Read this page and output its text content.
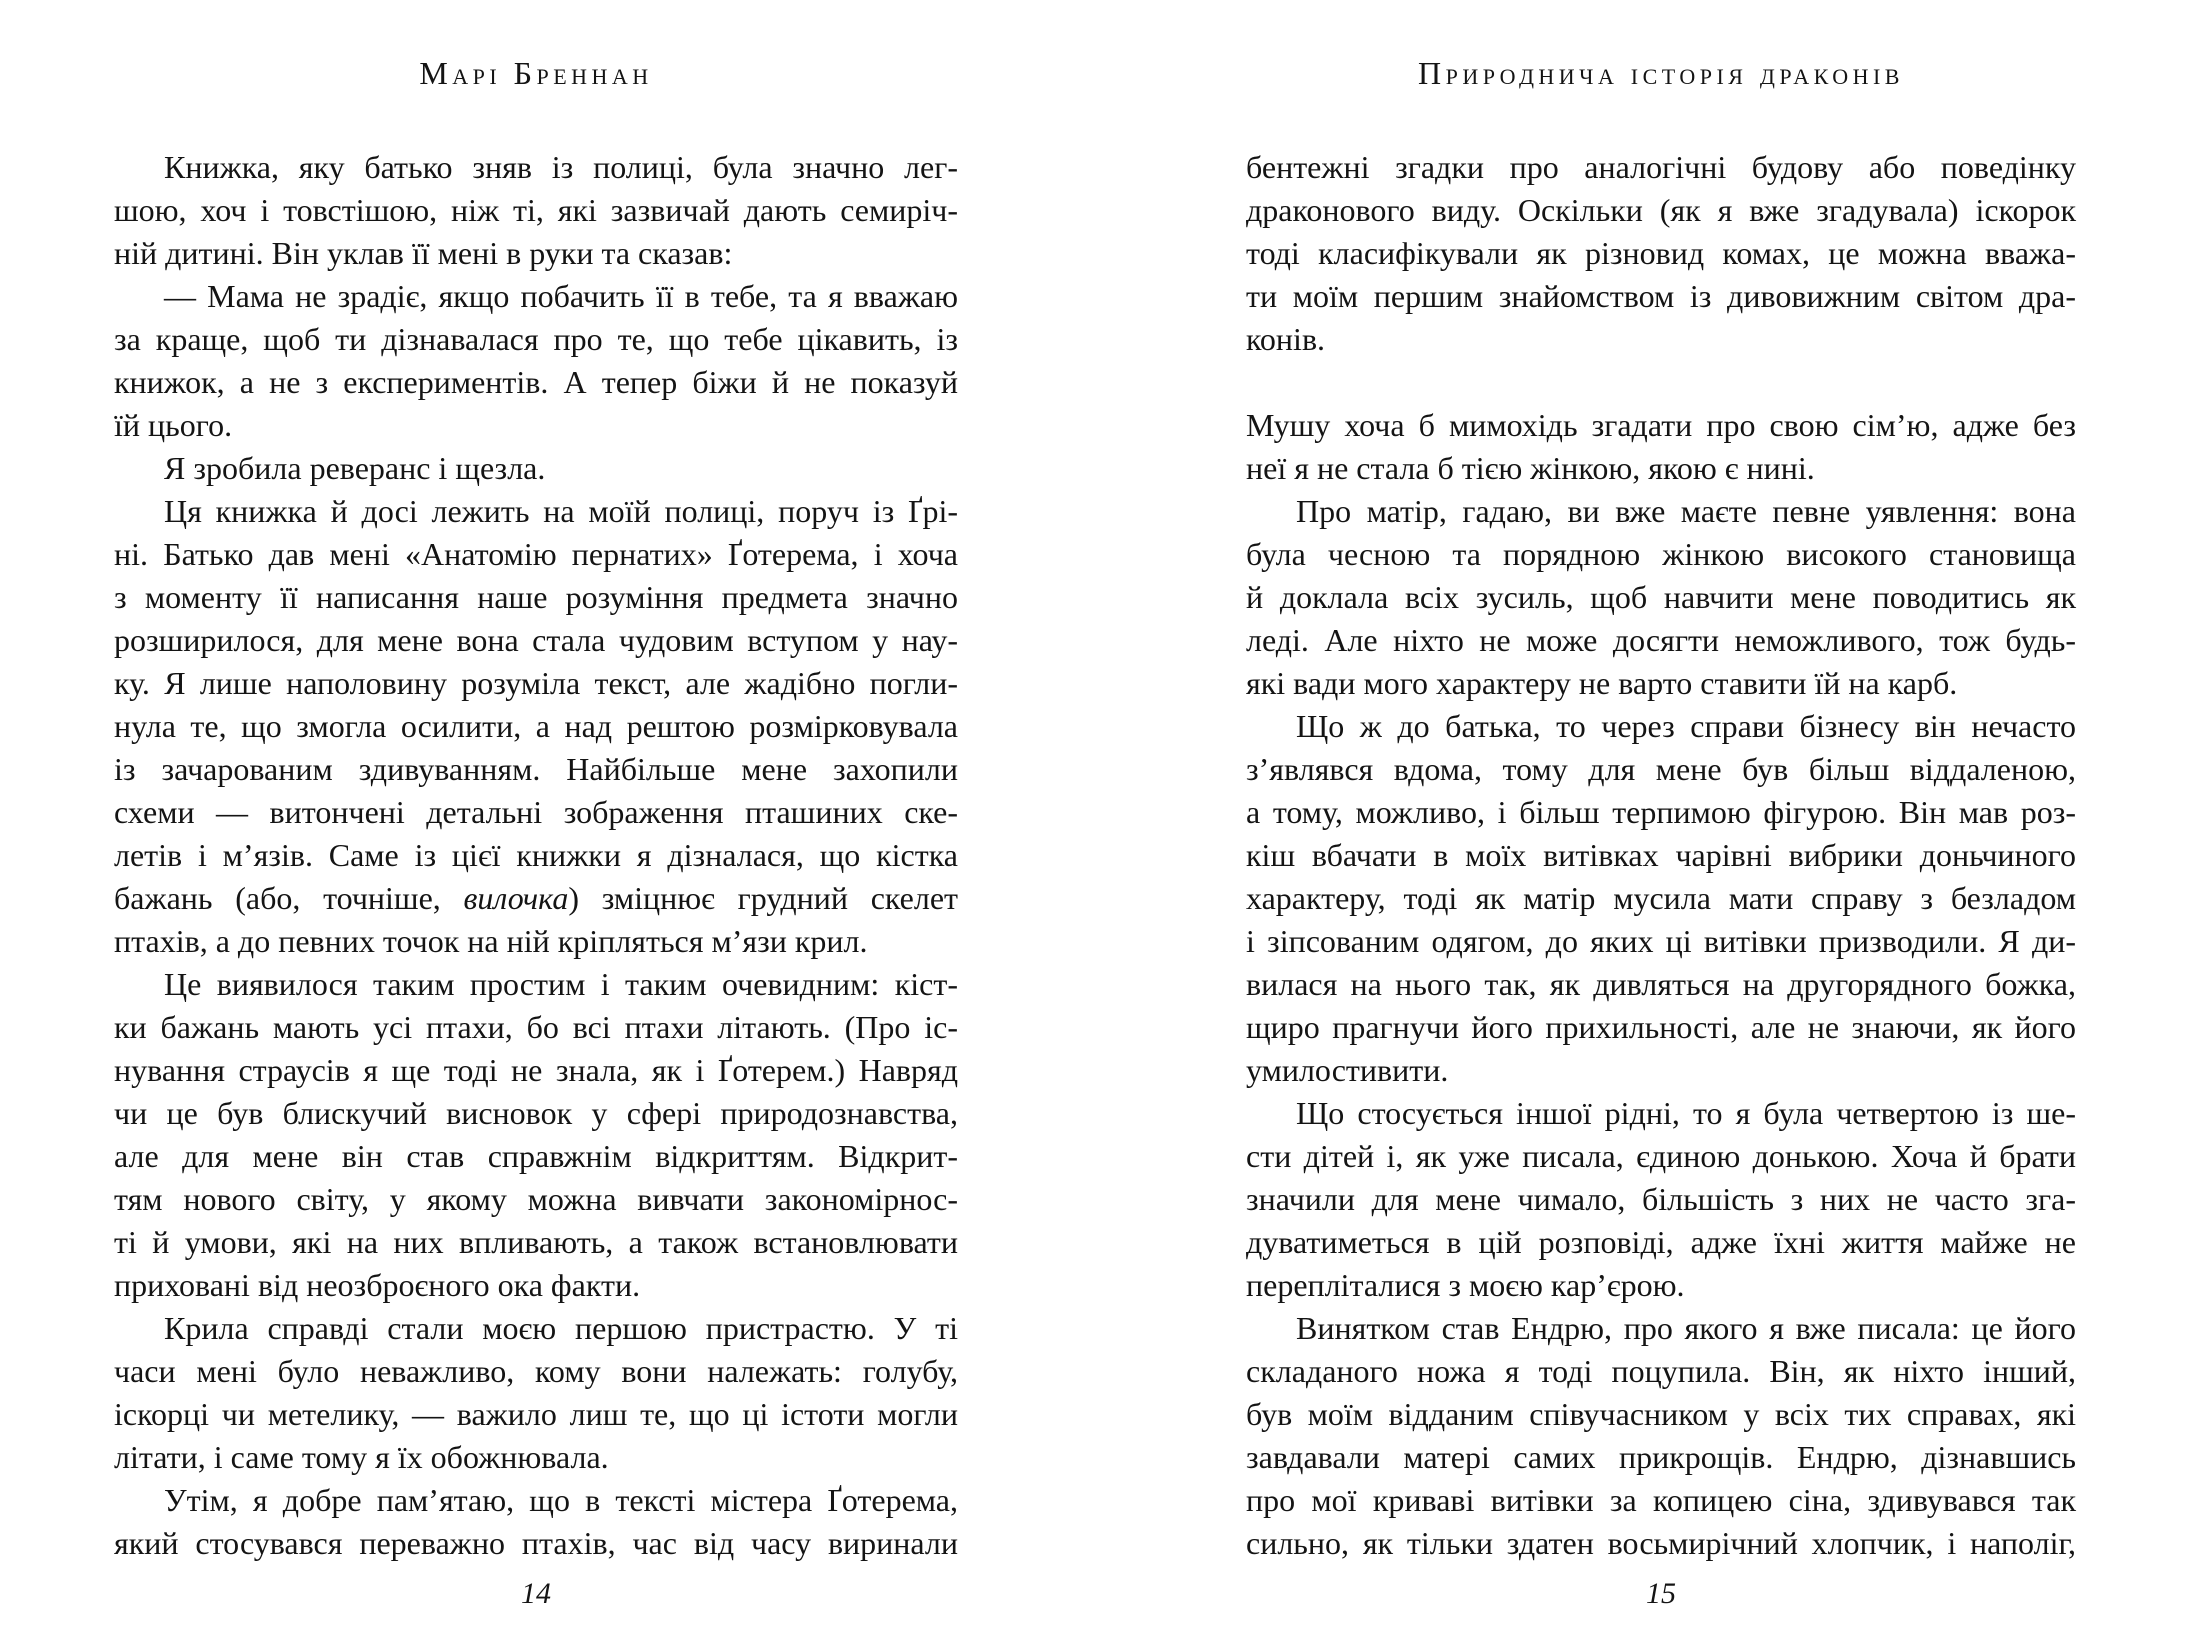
Марі Бреннан
Книжка, яку батько зняв із полиці, була значно лег-
шою, хоч і товстішою, ніж ті, які зазвичай дають семиріч-
ній дитині. Він уклав її мені в руки та сказав:
— Мама не зрадіє, якщо побачить її в тебе, та я вважаю
за краще, щоб ти дізнавалася про те, що тебе цікавить, із
книжок, а не з експериментів. А тепер біжи й не показуй
їй цього.
Я зробила реверанс і щезла.
Ця книжка й досі лежить на моїй полиці, поруч із Ґрі-
ні. Батько дав мені «Анатомію пернатих» Ґотерема, і хоча
з моменту її написання наше розуміння предмета значно
розширилося, для мене вона стала чудовим вступом у нау-
ку. Я лише наполовину розуміла текст, але жадібно погли-
нула те, що змогла осилити, а над рештою розмірковувала
із зачарованим здивуванням. Найбільше мене захопили
схеми — витончені детальні зображення пташиних ске-
летів і м’язів. Саме із цієї книжки я дізналася, що кістка
бажань (або, точніше, вилочка) зміцнює грудний скелет
птахів, а до певних точок на ній кріпляться м’язи крил.
Це виявилося таким простим і таким очевидним: кіст-
ки бажань мають усі птахи, бо всі птахи літають. (Про іс-
нування страусів я ще тоді не знала, як і Ґотерем.) Навряд
чи це був блискучий висновок у сфері природознавства,
але для мене він став справжнім відкриттям. Відкрит-
тям нового світу, у якому можна вивчати закономірнос-
ті й умови, які на них впливають, а також встановлювати
приховані від неозброєного ока факти.
Крила справді стали моєю першою пристрастю. У ті
часи мені було неважливо, кому вони належать: голубу,
іскорці чи метелику, — важило лиш те, що ці істоти могли
літати, і саме тому я їх обожнювала.
Утім, я добре пам’ятаю, що в тексті містера Ґотерема,
який стосувався переважно птахів, час від часу виринали
14
Природнича історія драконів
бентежні згадки про аналогічні будову або поведінку
драконового виду. Оскільки (як я вже згадувала) іскорок
тоді класифікували як різновид комах, це можна вважа-
ти моїм першим знайомством із дивовижним світом дра-
конів.
Мушу хоча б мимохідь згадати про свою сім’ю, адже без
неї я не стала б тією жінкою, якою є нині.
Про матір, гадаю, ви вже маєте певне уявлення: вона
була чесною та порядною жінкою високого становища
й доклала всіх зусиль, щоб навчити мене поводитись як
леді. Але ніхто не може досягти неможливого, тож будь-
які вади мого характеру не варто ставити їй на карб.
Що ж до батька, то через справи бізнесу він нечасто
з’являвся вдома, тому для мене був більш віддаленою,
а тому, можливо, і більш терпимою фігурою. Він мав роз-
кіш вбачати в моїх витівках чарівні вибрики доньчиного
характеру, тоді як матір мусила мати справу з безладом
і зіпсованим одягом, до яких ці витівки призводили. Я ди-
вилася на нього так, як дивляться на другорядного божка,
щиро прагнучи його прихильності, але не знаючи, як його
умилостивити.
Що стосується іншої рідні, то я була четвертою із ше-
сти дітей і, як уже писала, єдиною донькою. Хоча й брати
значили для мене чимало, більшість з них не часто зга-
дуватиметься в цій розповіді, адже їхні життя майже не
перепліталися з моєю кар’єрою.
Винятком став Ендрю, про якого я вже писала: це його
складаного ножа я тоді поцупила. Він, як ніхто інший,
був моїм відданим співучасником у всіх тих справах, які
завдавали матері самих прикрощів. Ендрю, дізнавшись
про мої криваві витівки за копицею сіна, здивувався так
сильно, як тільки здатен восьмирічний хлопчик, і наполіг,
15
